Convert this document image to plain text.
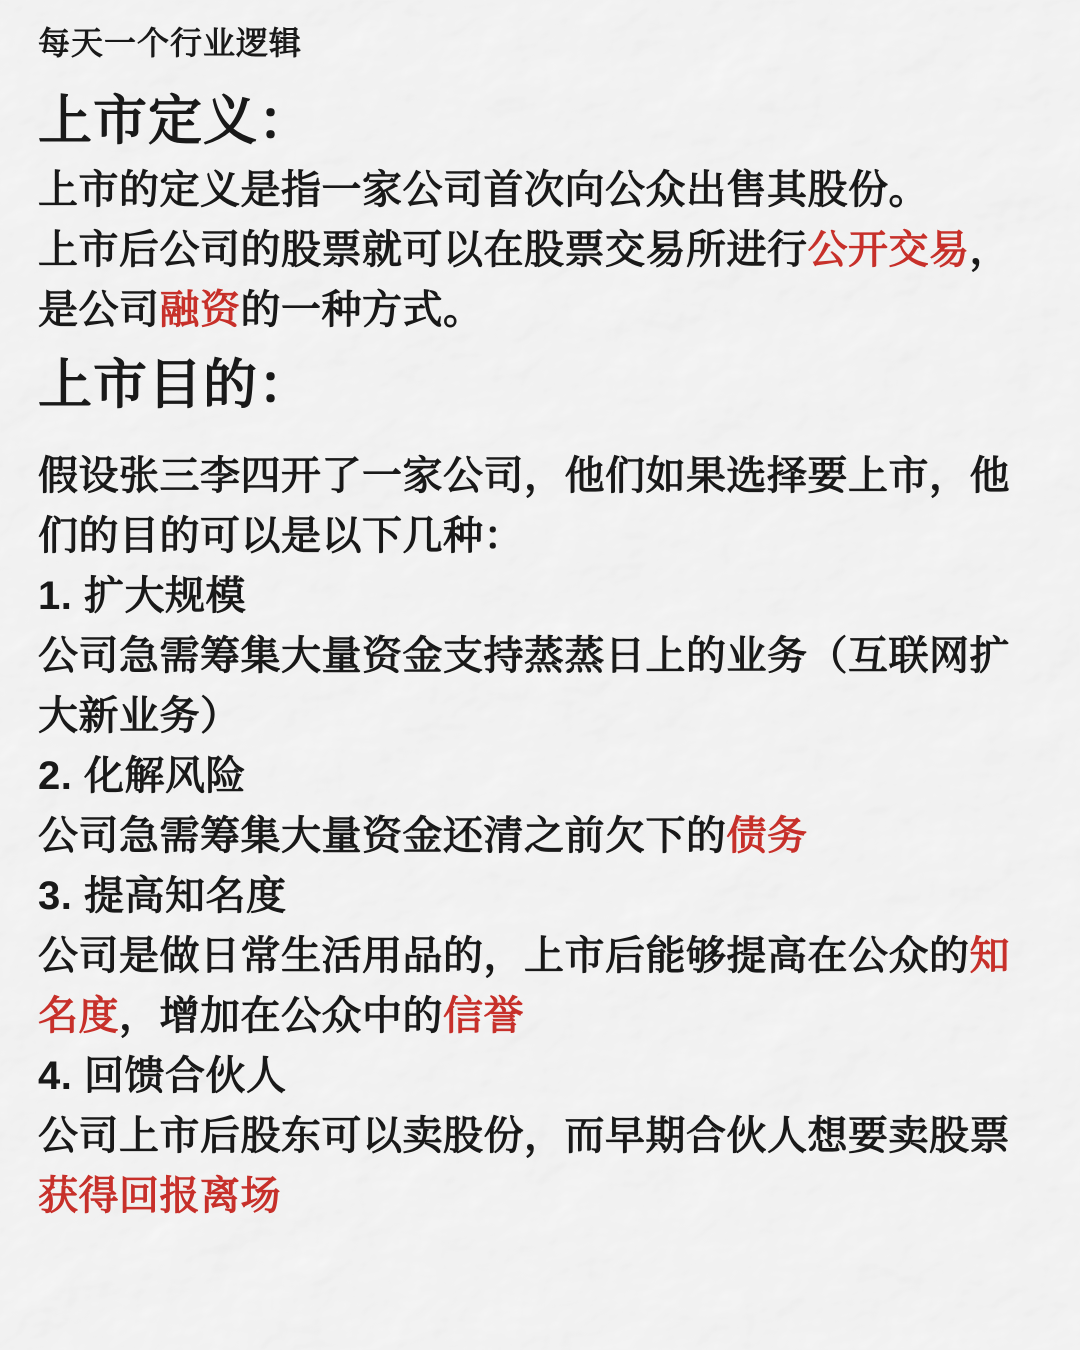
每天一个行业逻辑

上市定义：

上市的定义是指一家公司首次向公众出售其股份。

上市后公司的股票就可以在股票交易所进行公开交易，

是公司融资的一种方式。

上市目的：

假设张三李四开了一家公司，他们如果选择要上市，他

们的目的可以是以下几种：

1. 扩大规模

公司急需筹集大量资金支持蒸蒸日上的业务（互联网扩

大新业务）

2. 化解风险

公司急需筹集大量资金还清之前欠下的债务

3. 提高知名度

公司是做日常生活用品的，上市后能够提高在公众的知

名度，增加在公众中的信誉

4. 回馈合伙人

公司上市后股东可以卖股份，而早期合伙人想要卖股票

获得回报离场
